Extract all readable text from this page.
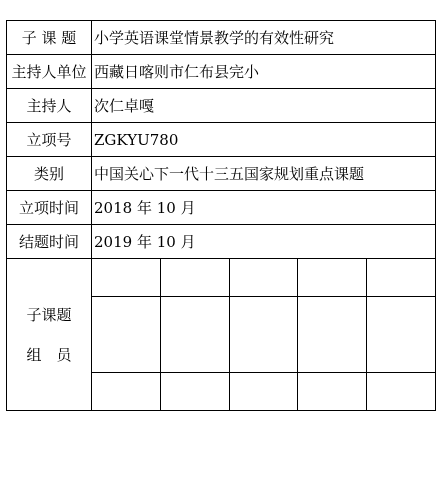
子 课 题	小学英语课堂情景教学的有效性研究
主持人单位	西藏日喀则市仁布县完小
主持人	次仁卓嘎
立项号	ZGKYU780
类别	中国关心下一代十三五国家规划重点课题
立项时间	2018 年 10 月
结题时间	2019 年 10 月

子课题
组　员
